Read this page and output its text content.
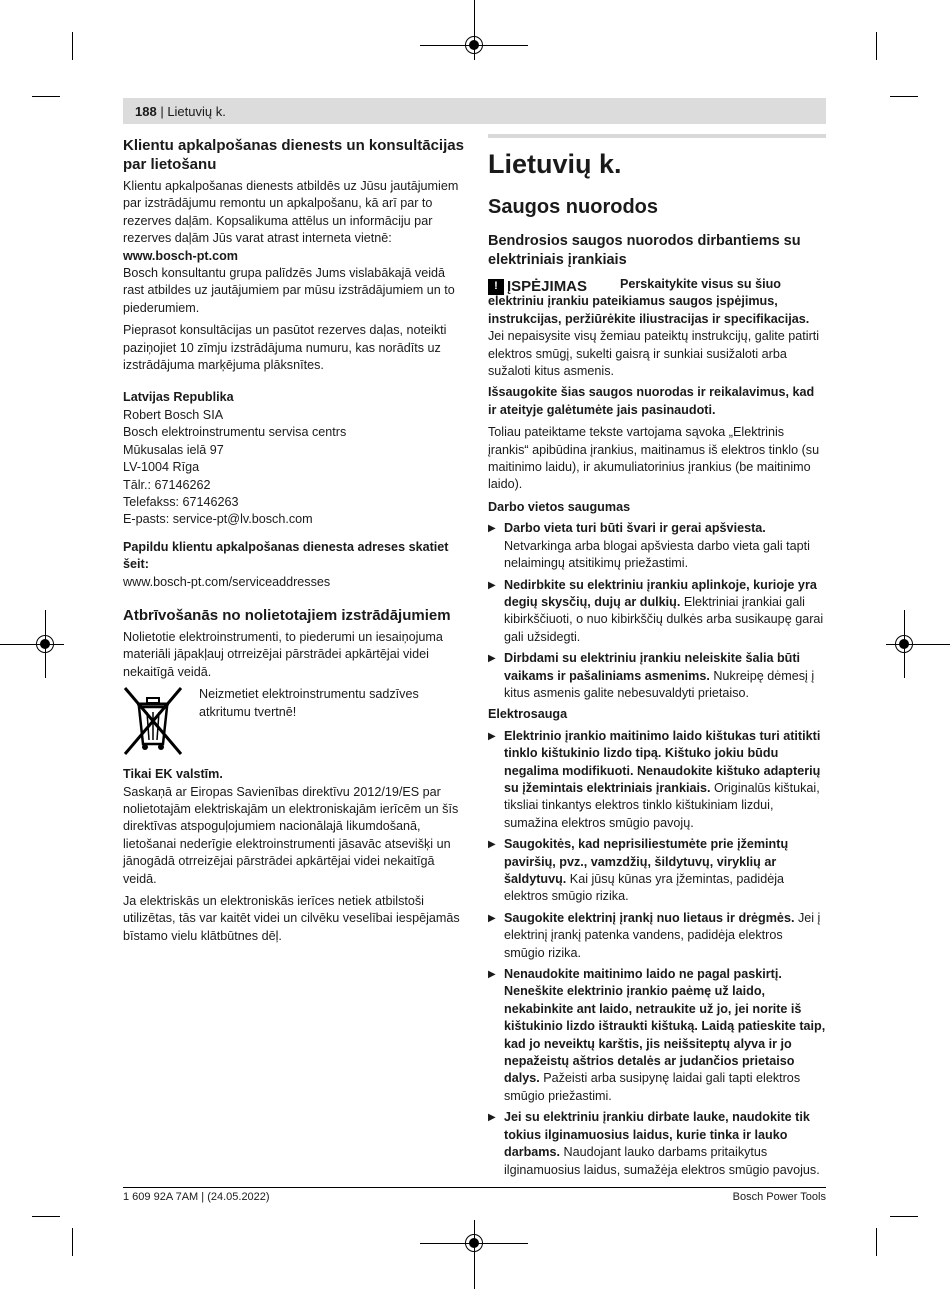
188 | Lietuvių k.
Klientu apkalpošanas dienests un konsultācijas par lietošanu
Klientu apkalpošanas dienests atbildēs uz Jūsu jautājumiem par izstrādājumu remontu un apkalpošanu, kā arī par to rezerves daļām. Kopsalikuma attēlus un informāciju par rezerves daļām Jūs varat atrast interneta vietnē:
www.bosch-pt.com
Bosch konsultantu grupa palīdzēs Jums vislabākajā veidā rast atbildes uz jautājumiem par mūsu izstrādājumiem un to piederumiem.
Pieprasot konsultācijas un pasūtot rezerves daļas, noteikti paziņojiet 10 zīmju izstrādājuma numuru, kas norādīts uz izstrādājuma marķējuma plāksnītes.
Latvijas Republika
Robert Bosch SIA
Bosch elektroinstrumentu servisa centrs
Mūkusalas ielā 97
LV-1004 Rīga
Tālr.: 67146262
Telefakss: 67146263
E-pasts: service-pt@lv.bosch.com
Papildu klientu apkalpošanas dienesta adreses skatiet šeit:
www.bosch-pt.com/serviceaddresses
Atbrīvošanās no nolietotajiem izstrādājumiem
Nolietotie elektroinstrumenti, to piederumi un iesaiņojuma materiāli jāpakļauj otrreizējai pārstrādei apkārtējai videi nekaitīgā veidā.
Neizmetiet elektroinstrumentu sadzīves atkritumu tvertnē!
Tikai EK valstīm.
Saskaņā ar Eiropas Savienības direktīvu 2012/19/ES par nolietotajām elektriskajām un elektroniskajām ierīcēm un šīs direktīvas atspoguļojumiem nacionālajā likumdošanā, lietošanai nederīgie elektroinstrumenti jāsavāc atsevišķi un jānogādā otrreizējai pārstrādei apkārtējai videi nekaitīgā veidā.
Ja elektriskās un elektroniskās ierīces netiek atbilstoši utilizētas, tās var kaitēt videi un cilvēku veselībai iespējamās bīstamo vielu klātbūtnes dēļ.
Lietuvių k.
Saugos nuorodos
Bendrosios saugos nuorodos dirbantiems su elektriniais įrankiais
! ĮSPĖJIMAS	Perskaitykite visus su šiuo elektriniu įrankiu pateikiamus saugos įspėjimus, instrukcijas, peržiūrėkite iliustracijas ir specifikacijas. Jei nepaisysite visų žemiau pateiktų instrukcijų, galite patirti elektros smūgį, sukelti gaisrą ir sunkiai susižaloti arba sužaloti kitus asmenis.

Išsaugokite šias saugos nuorodas ir reikalavimus, kad ir ateityje galėtumėte jais pasinaudoti.
Toliau pateiktame tekste vartojama sąvoka „Elektrinis įrankis“ apibūdina įrankius, maitinamus iš elektros tinklo (su maitinimo laidu), ir akumuliatorinius įrankius (be maitinimo laido).
Darbo vietos saugumas
▶ Darbo vieta turi būti švari ir gerai apšviesta. Netvarkinga arba blogai apšviesta darbo vieta gali tapti nelaimingų atsitikimų priežastimi.
▶ Nedirbkite su elektriniu įrankiu aplinkoje, kurioje yra degių skysčių, dujų ar dulkių. Elektriniai įrankiai gali kibirkščiuoti, o nuo kibirkščių dulkės arba susikaupę garai gali užsidegti.
▶ Dirbdami su elektriniu įrankiu neleiskite šalia būti vaikams ir pašaliniams asmenims. Nukreipę dėmesį į kitus asmenis galite nebesuvaldyti prietaiso.
Elektrosauga
▶ Elektrinio įrankio maitinimo laido kištukas turi atitikti tinklo kištukinio lizdo tipą. Kištuko jokiu būdu negalima modifikuoti. Nenaudokite kištuko adapterių su įžemintais elektriniais įrankiais. Originalūs kištukai, tiksliai tinkantys elektros tinklo kištukiniam lizdui, sumažina elektros smūgio pavojų.
▶ Saugokitės, kad neprisiliestumėte prie įžemintų paviršių, pvz., vamzdžių, šildytuvų, viryklių ar šaldytuvų. Kai jūsų kūnas yra įžemintas, padidėja elektros smūgio rizika.
▶ Saugokite elektrinį įrankį nuo lietaus ir drėgmės. Jei į elektrinį įrankį patenka vandens, padidėja elektros smūgio rizika.
▶ Nenaudokite maitinimo laido ne pagal paskirtį. Neneškite elektrinio įrankio paėmę už laido, nekabinkite ant laido, netraukite už jo, jei norite iš kištukinio lizdo ištraukti kištuką. Laidą patieskite taip, kad jo neveiktų karštis, jis neišsiteptų alyva ir jo nepažeistų aštrios detalės ar judančios prietaiso dalys. Pažeisti arba susipynę laidai gali tapti elektros smūgio priežastimi.
▶ Jei su elektriniu įrankiu dirbate lauke, naudokite tik tokius ilginamuosius laidus, kurie tinka ir lauko darbams. Naudojant lauko darbams pritaikytus ilginamuosius laidus, sumažėja elektros smūgio pavojus.
1 609 92A 7AM | (24.05.2022)	Bosch Power Tools
